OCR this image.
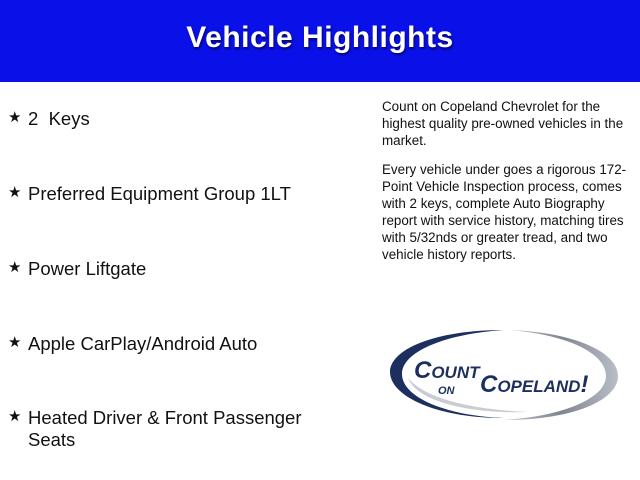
Vehicle Highlights
★ 2  Keys
★ Preferred Equipment Group 1LT
★ Power Liftgate
★ Apple CarPlay/Android Auto
★ Heated Driver & Front Passenger Seats

Count on Copeland Chevrolet for the highest quality pre-owned vehicles in the market.

Every vehicle under goes a rigorous 172-Point Vehicle Inspection process, comes with 2 keys, complete Auto Biography report with service history, matching tires with 5/32nds or greater tread, and two vehicle history reports.

Count
on Copeland!
